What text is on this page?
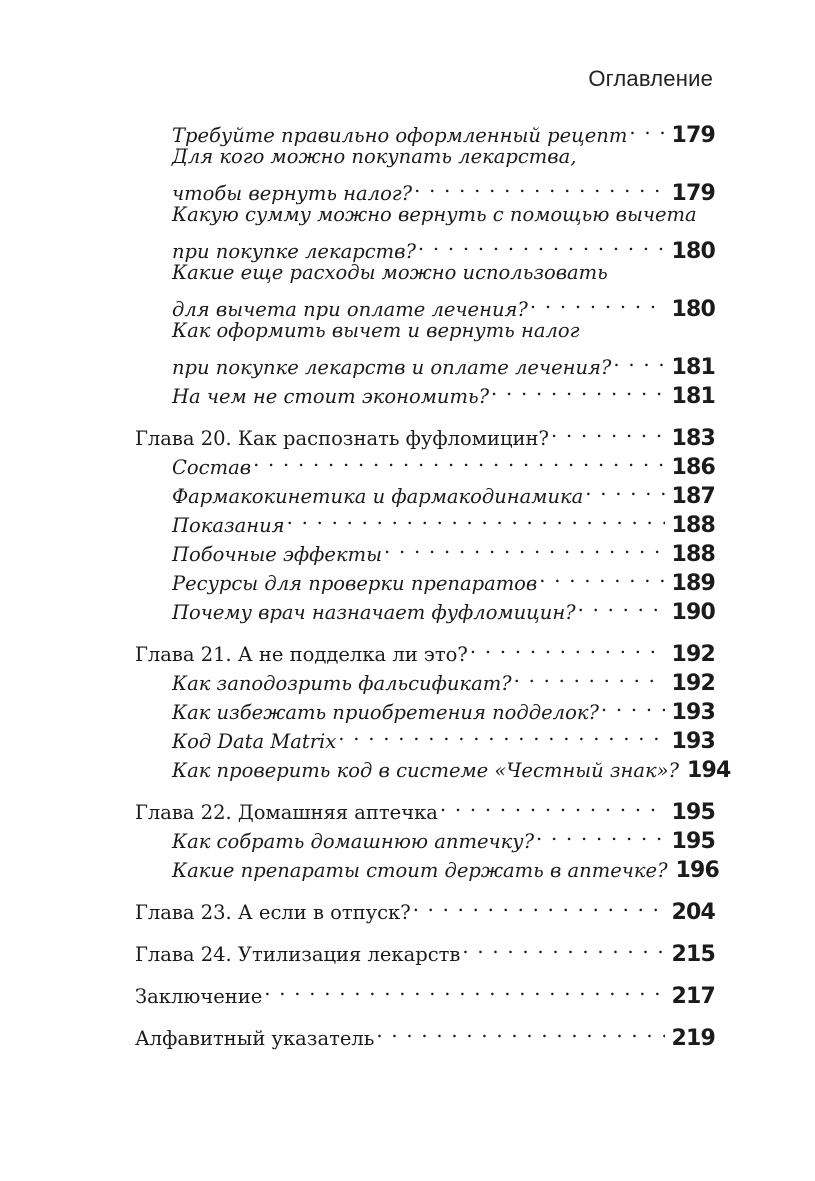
Оглавление
Требуйте правильно оформленный рецепт . . . 179
Для кого можно покупать лекарства,
чтобы вернуть налог? . . .	179
Какую сумму можно вернуть с помощью вычета
при покупке лекарств? . . .	180
Какие еще расходы можно использовать
для вычета при оплате лечения? . . .	180
Как оформить вычет и вернуть налог
при покупке лекарств и оплате лечения? . . .	181
На чем не стоит экономить? . . .	181
Глава 20. Как распознать фуфломицин? . . .	183
Состав . . .	186
Фармакокинетика и фармакодинамика . . .	187
Показания . . .	188
Побочные эффекты . . .	188
Ресурсы для проверки препаратов . . .	189
Почему врач назначает фуфломицин? . . .	190
Глава 21. А не подделка ли это? . . .	192
Как заподозрить фальсификат? . . .	192
Как избежать приобретения подделок? . . .	193
Код Data Matrix . . .	193
Как проверить код в системе «Честный знак»? 194
Глава 22. Домашняя аптечка . . .	195
Как собрать домашнюю аптечку? . . .	195
Какие препараты стоит держать в аптечке? 196
Глава 23. А если в отпуск? . . .	204
Глава 24. Утилизация лекарств . . .	215
Заключение . . .	217
Алфавитный указатель . . .	219
